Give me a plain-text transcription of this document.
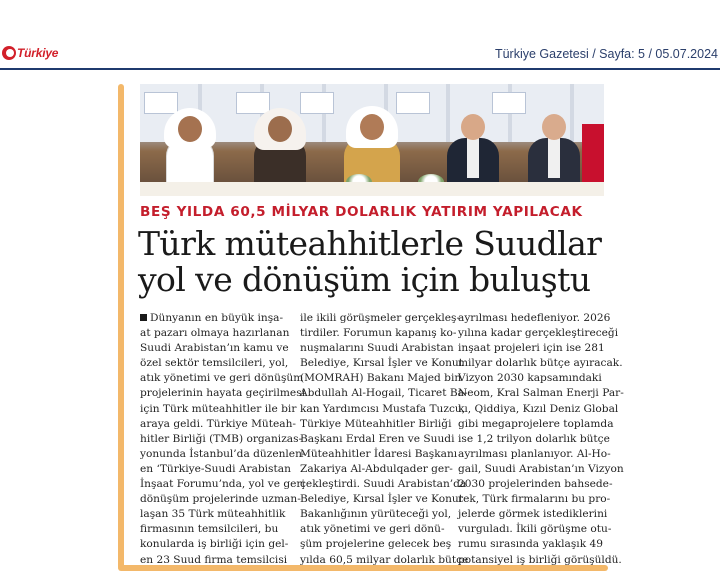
Türkiye	Türkiye Gazetesi / Sayfa: 5 / 05.07.2024
BEŞ YILDA 60,5 MİLYAR DOLARLIK YATIRIM YAPILACAK
Türk müteahhitlerle Suudlar
yol ve dönüşüm için buluştu
Dünyanın en büyük inşa-
at pazarı olmaya hazırlanan
Suudi Arabistan’ın kamu ve
özel sektör temsilcileri, yol,
atık yönetimi ve geri dönüşüm
projelerinin hayata geçirilmesi
için Türk müteahhitler ile bir
araya geldi. Türkiye Müteah-
hitler Birliği (TMB) organizas-
yonunda İstanbul’da düzenlen-
en ‘Türkiye-Suudi Arabistan
İnşaat Forumu’nda, yol ve geri
dönüşüm projelerinde uzman-
laşan 35 Türk müteahhitlik
firmasının temsilcileri, bu
konularda iş birliği için gel-
en 23 Suud firma temsilcisi
ile ikili görüşmeler gerçekleş-
tirdiler. Forumun kapanış ko-
nuşmalarını Suudi Arabistan
Belediye, Kırsal İşler ve Konut
(MOMRAH) Bakanı Majed bin
Abdullah Al-Hogail, Ticaret Ba-
kan Yardımcısı Mustafa Tuzcu,
Türkiye Müteahhitler Birliği
Başkanı Erdal Eren ve Suudi
Müteahhitler İdaresi Başkanı
Zakariya Al-Abdulqader ger-
çekleştirdi. Suudi Arabistan’da
Belediye, Kırsal İşler ve Konut
Bakanlığının yürüteceği yol,
atık yönetimi ve geri dönü-
şüm projelerine gelecek beş
yılda 60,5 milyar dolarlık bütçe
ayrılması hedefleniyor. 2026
yılına kadar gerçekleştireceği
inşaat projeleri için ise 281
milyar dolarlık bütçe ayıracak.
Vizyon 2030 kapsamındaki
Neom, Kral Salman Enerji Par-
kı, Qiddiya, Kızıl Deniz Global
gibi megaprojelere toplamda
ise 1,2 trilyon dolarlık bütçe
ayrılması planlanıyor. Al-Ho-
gail, Suudi Arabistan’ın Vizyon
2030 projelerinden bahsede-
rek, Türk firmalarını bu pro-
jelerde görmek istediklerini
vurguladı. İkili görüşme otu-
rumu sırasında yaklaşık 49
potansiyel iş birliği görüşüldü.
